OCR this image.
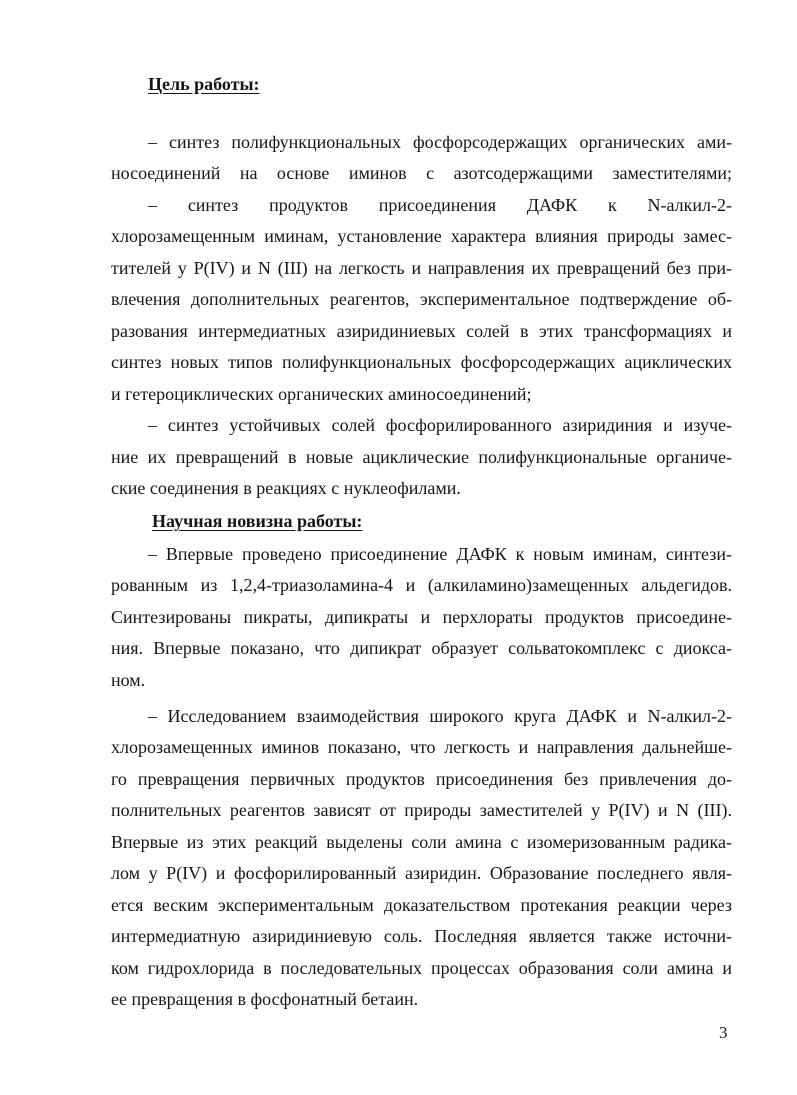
Цель работы:
– синтез полифункциональных фосфорсодержащих органических ами-
носоединений на основе иминов с азотсодержащими заместителями;
– синтез продуктов присоединения ДАФК к N-алкил-2-
хлорозамещенным иминам, установление характера влияния природы замес-
тителей у P(IV) и N (III) на легкость и направления их превращений без при-
влечения дополнительных реагентов, экспериментальное подтверждение об-
разования интермедиатных азиридиниевых солей в этих трансформациях и
синтез новых типов полифункциональных фосфорсодержащих ациклических
и гетероциклических органических аминосоединений;
– синтез устойчивых солей фосфорилированного азиридиния и изуче-
ние их превращений в новые ациклические полифункциональные органиче-
ские соединения в реакциях с нуклеофилами.
Научная новизна работы:
– Впервые проведено присоединение ДАФК к новым иминам, синтези-
рованным из 1,2,4-триазоламина-4 и (алкиламино)замещенных альдегидов.
Синтезированы пикраты, дипикраты и перхлораты продуктов присоедине-
ния. Впервые показано, что дипикрат образует сольватокомплекс с диокса-
ном.
– Исследованием взаимодействия широкого круга ДАФК и N-алкил-2-
хлорозамещенных иминов показано, что легкость и направления дальнейше-
го превращения первичных продуктов присоединения без привлечения до-
полнительных реагентов зависят от природы заместителей у P(IV) и N (III).
Впервые из этих реакций выделены соли амина с изомеризованным радика-
лом у P(IV) и фосфорилированный азиридин. Образование последнего явля-
ется веским экспериментальным доказательством протекания реакции через
интермедиатную азиридиниевую соль. Последняя является также источни-
ком гидрохлорида в последовательных процессах образования соли амина и
ее превращения в фосфонатный бетаин.
3
